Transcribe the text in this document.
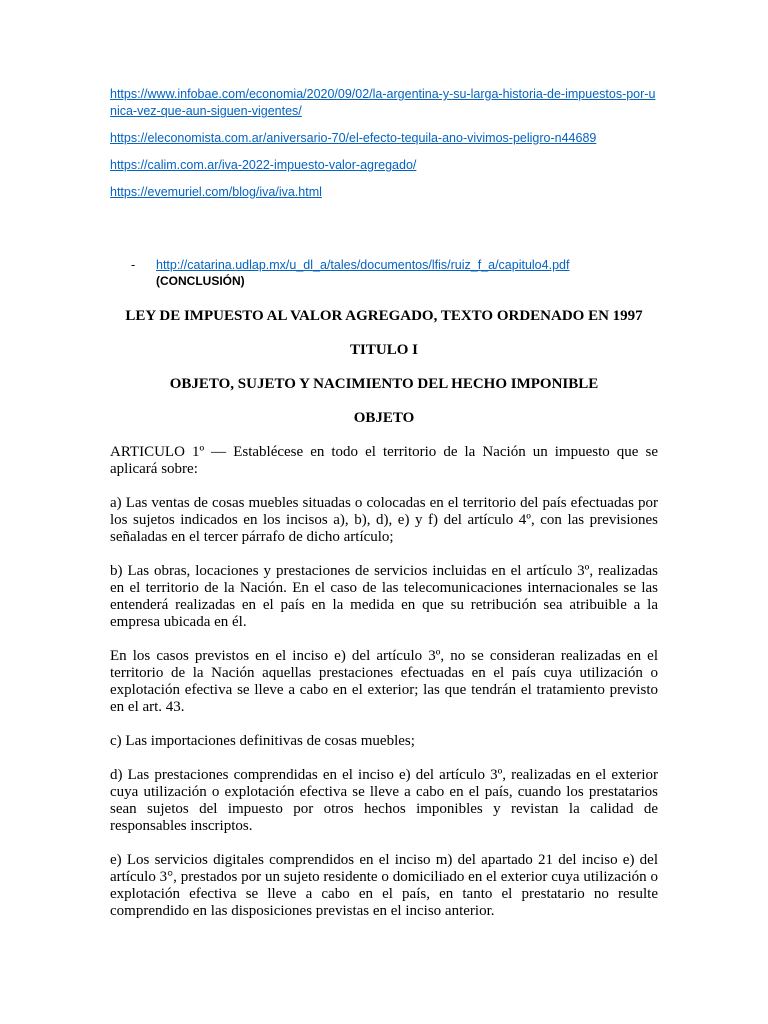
https://www.infobae.com/economia/2020/09/02/la-argentina-y-su-larga-historia-de-impuestos-por-unica-vez-que-aun-siguen-vigentes/
https://eleconomista.com.ar/aniversario-70/el-efecto-tequila-ano-vivimos-peligro-n44689
https://calim.com.ar/iva-2022-impuesto-valor-agregado/
https://evemuriel.com/blog/iva/iva.html
- http://catarina.udlap.mx/u_dl_a/tales/documentos/lfis/ruiz_f_a/capitulo4.pdf
(CONCLUSIÓN)
LEY DE IMPUESTO AL VALOR AGREGADO, TEXTO ORDENADO EN 1997
TITULO I
OBJETO, SUJETO Y NACIMIENTO DEL HECHO IMPONIBLE
OBJETO

ARTICULO 1º — Establécese en todo el territorio de la Nación un impuesto que se aplicará sobre:

a) Las ventas de cosas muebles situadas o colocadas en el territorio del país efectuadas por los sujetos indicados en los incisos a), b), d), e) y f) del artículo 4º, con las previsiones señaladas en el tercer párrafo de dicho artículo;

b) Las obras, locaciones y prestaciones de servicios incluidas en el artículo 3º, realizadas en el territorio de la Nación. En el caso de las telecomunicaciones internacionales se las entenderá realizadas en el país en la medida en que su retribución sea atribuible a la empresa ubicada en él.

En los casos previstos en el inciso e) del artículo 3º, no se consideran realizadas en el territorio de la Nación aquellas prestaciones efectuadas en el país cuya utilización o explotación efectiva se lleve a cabo en el exterior; las que tendrán el tratamiento previsto en el art. 43.

c) Las importaciones definitivas de cosas muebles;

d) Las prestaciones comprendidas en el inciso e) del artículo 3º, realizadas en el exterior cuya utilización o explotación efectiva se lleve a cabo en el país, cuando los prestatarios sean sujetos del impuesto por otros hechos imponibles y revistan la calidad de responsables inscriptos.

e) Los servicios digitales comprendidos en el inciso m) del apartado 21 del inciso e) del artículo 3°, prestados por un sujeto residente o domiciliado en el exterior cuya utilización o explotación efectiva se lleve a cabo en el país, en tanto el prestatario no resulte comprendido en las disposiciones previstas en el inciso anterior.
